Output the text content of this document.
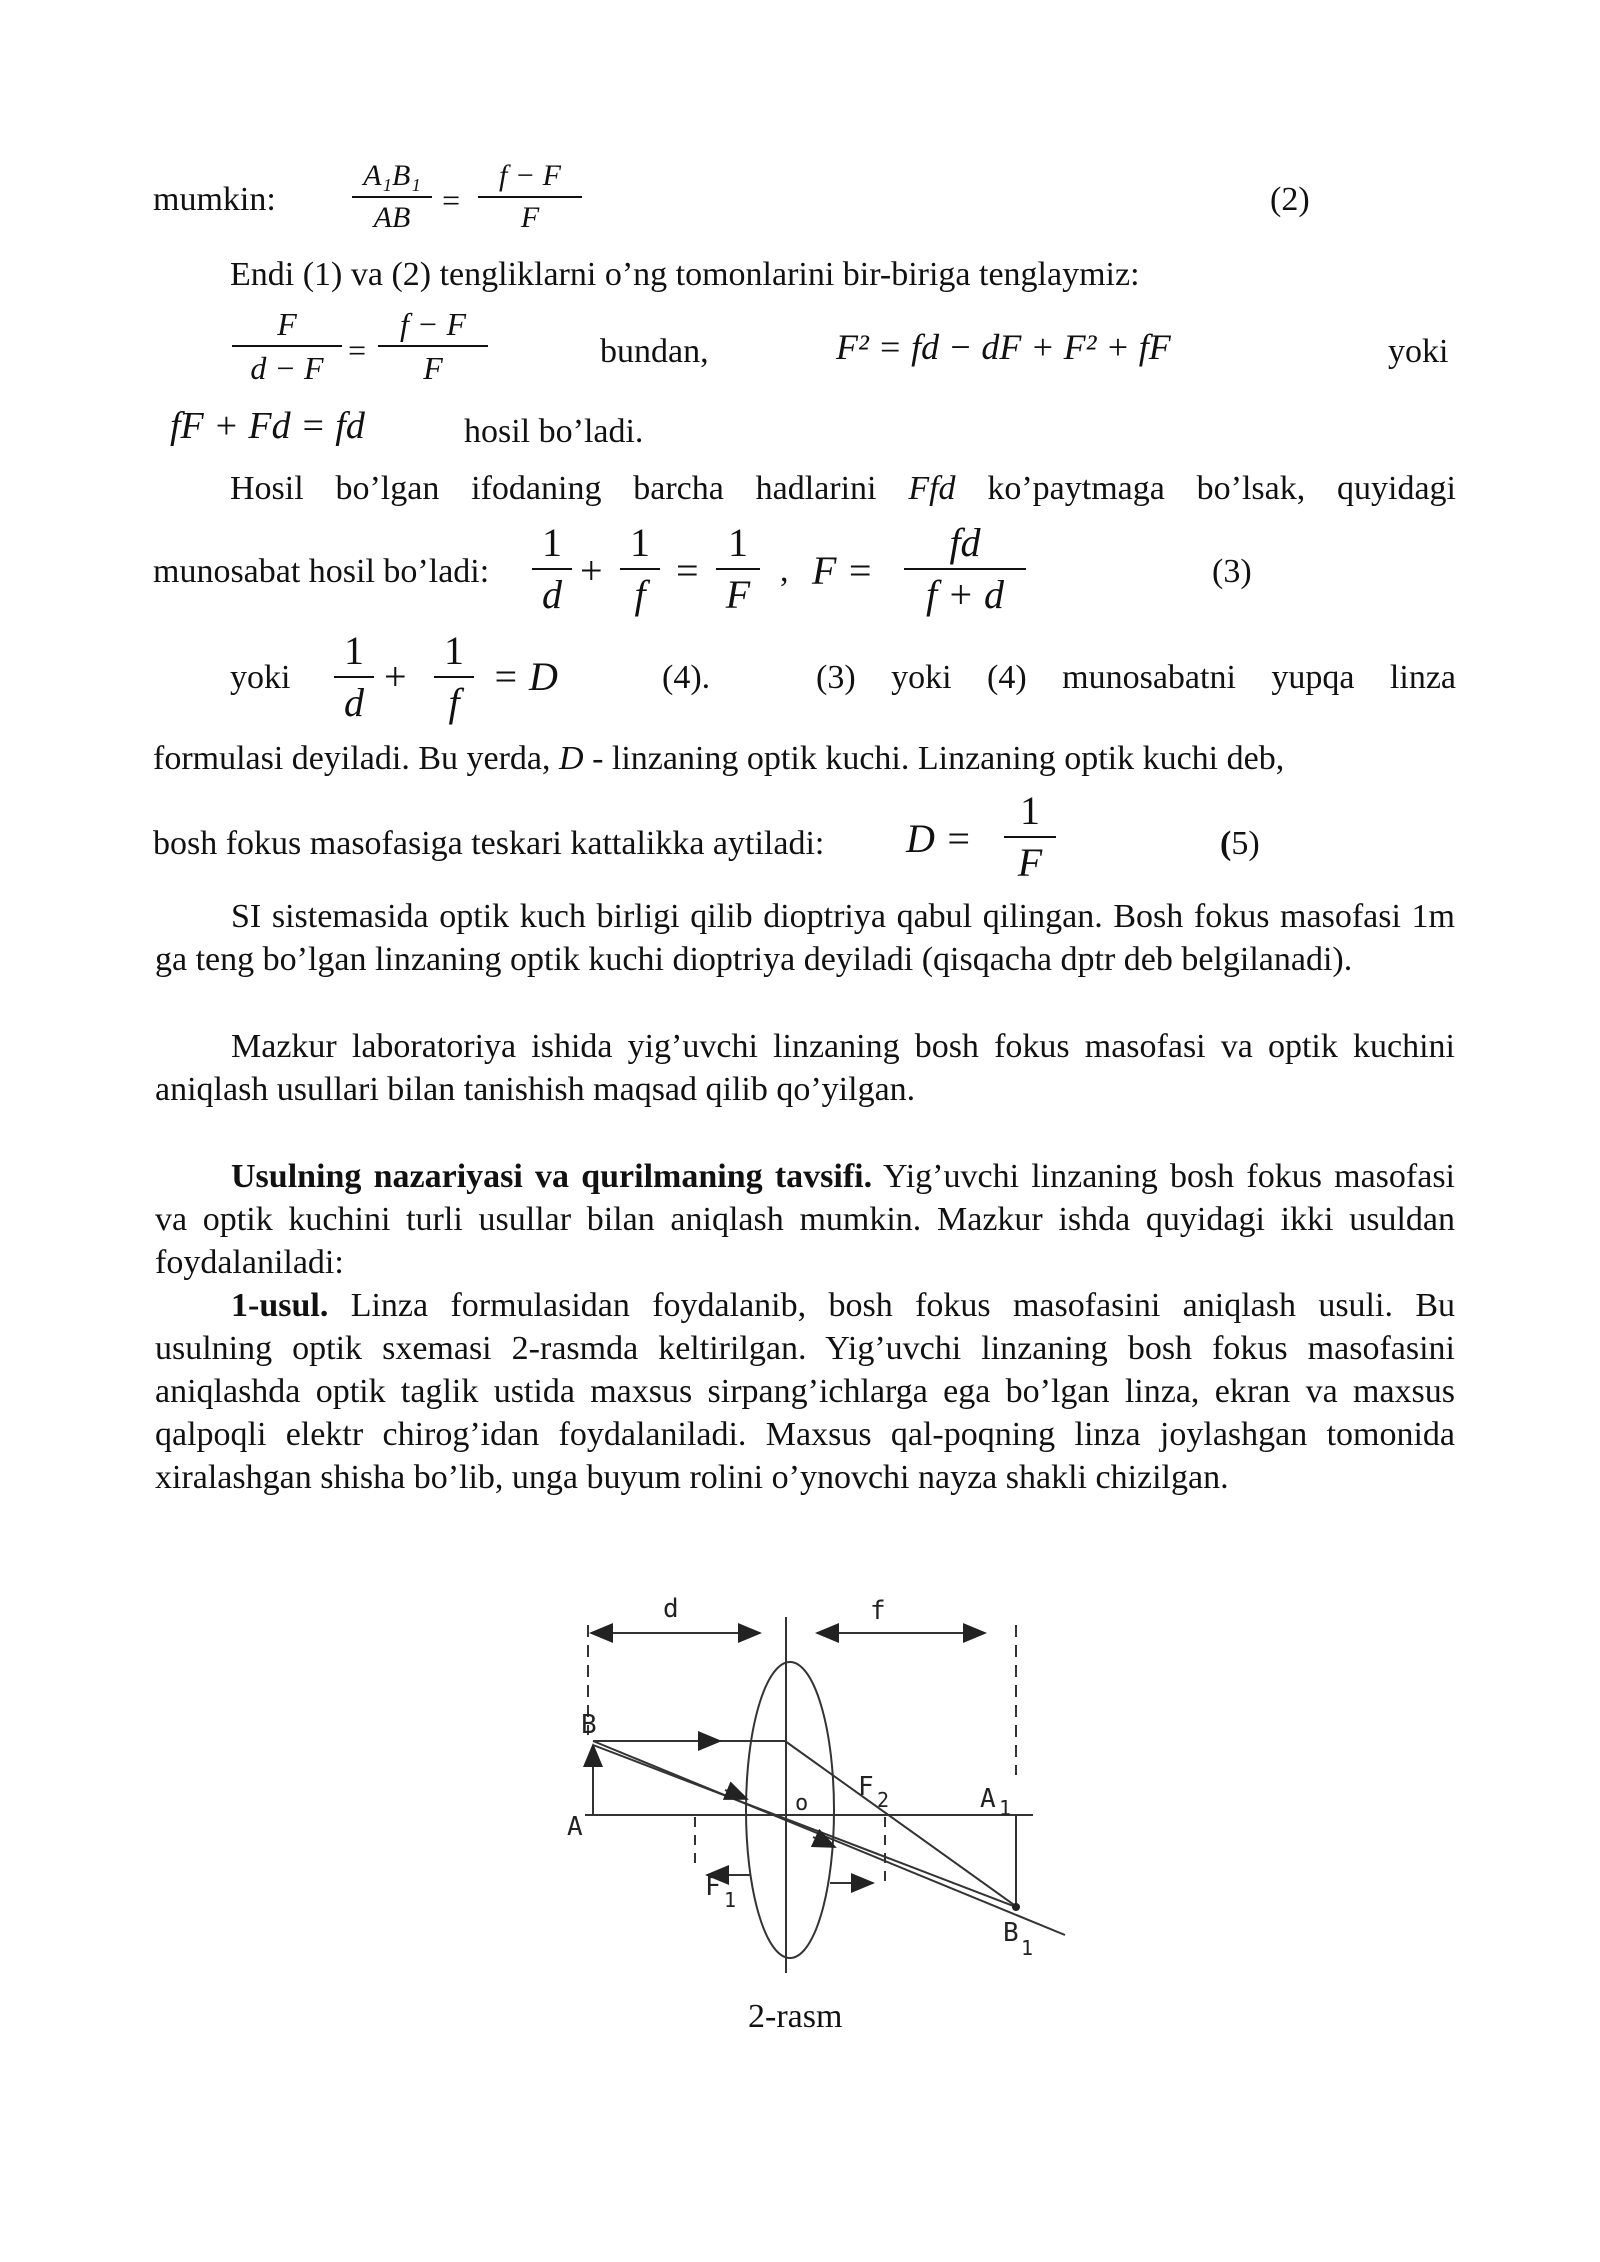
mumkin:
A₁B₁
AB =
f − F
F	(2)
Endi (1) va (2) tengliklarni o’ng tomonlarini bir-biriga tenglaymiz:
F
d − F =
f − F
F	bundan,	F² = fd − dF + F² + fF	yoki
fF + Fd = fd	hosil bo’ladi.
Hosil bo’lgan ifodaning barcha hadlarini Ffd ko’paytmaga bo’lsak, quyidagi
munosabat hosil bo’ladi:
1
d
+
1
f
=
1
F
, F =
fd
f + d
(3)
yoki
1
d
+
1
f
= D	(4).	(3) yoki (4) munosabatni yupqa linza
formulasi deyiladi. Bu yerda, D - linzaning optik kuchi. Linzaning optik kuchi deb,
bosh fokus masofasiga teskari kattalikka aytiladi: D =
1
F	(5)
SI sistemasida optik kuch birligi qilib dioptriya qabul qilingan. Bosh fokus masofasi 1m ga teng bo’lgan linzaning optik kuchi dioptriya deyiladi (qisqacha dptr deb belgilanadi).
Mazkur laboratoriya ishida yig’uvchi linzaning bosh fokus masofasi va optik kuchini aniqlash usullari bilan tanishish maqsad qilib qo’yilgan.
Usulning nazariyasi va qurilmaning tavsifi. Yig’uvchi linzaning bosh fokus masofasi va optik kuchini turli usullar bilan aniqlash mumkin. Mazkur ishda quyidagi ikki usuldan foydalaniladi:
1-usul. Linza formulasidan foydalanib, bosh fokus masofasini aniqlash usuli. Bu usulning optik sxemasi 2-rasmda keltirilgan. Yig’uvchi linzaning bosh fokus masofasini aniqlashda optik taglik ustida maxsus sirpang’ichlarga ega bo’lgan linza, ekran va maxsus qalpoqli elektr chirog’idan foydalaniladi. Maxsus qal-poqning linza joylashgan tomonida xiralashgan shisha bo’lib, unga buyum rolini o’ynovchi nayza shakli chizilgan.
d	f
B
A
o
F 2	A 1
F 1
B 1
2-rasm
